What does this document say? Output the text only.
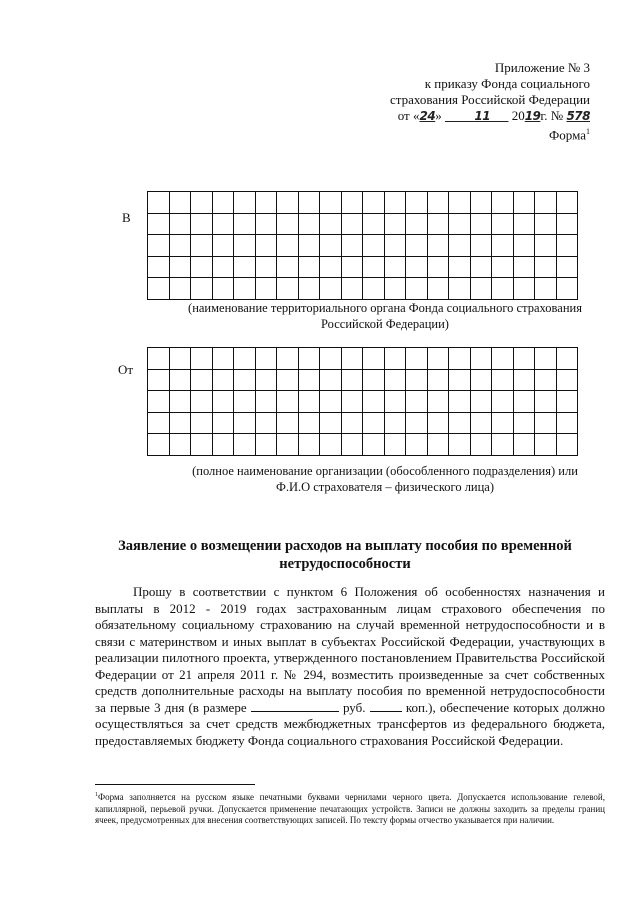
Приложение № 3
к приказу Фонда социального
страхования Российской Федерации
от «24»	11 2019г. № 578
Форма$^1$
В

(наименование территориального органа Фонда социального страхования Российской Федерации)
От

(полное наименование организации (обособленного подразделения) или Ф.И.О страхователя – физического лица)
Заявление о возмещении расходов на выплату пособия по временной нетрудоспособности
Прошу в соответствии с пунктом 6 Положения об особенностях назначения и выплаты в 2012 - 2019 годах застрахованным лицам страхового обеспечения по обязательному социальному страхованию на случай временной нетрудоспособности и в связи с материнством и иных выплат в субъектах Российской Федерации, участвующих в реализации пилотного проекта, утвержденного постановлением Правительства Российской Федерации от 21 апреля 2011 г. № 294, возместить произведенные за счет собственных средств дополнительные расходы на выплату пособия по временной нетрудоспособности за первые 3 дня (в размере	руб.	коп.), обеспечение которых должно осуществляться за счет средств межбюджетных трансфертов из федерального бюджета, предоставляемых бюджету Фонда социального страхования Российской Федерации.
$^1$Форма заполняется на русском языке печатными буквами чернилами черного цвета. Допускается использование гелевой, капиллярной, перьевой ручки. Допускается применение печатающих устройств. Записи не должны заходить за пределы границ ячеек, предусмотренных для внесения соответствующих записей. По тексту формы отчество указывается при наличии.
